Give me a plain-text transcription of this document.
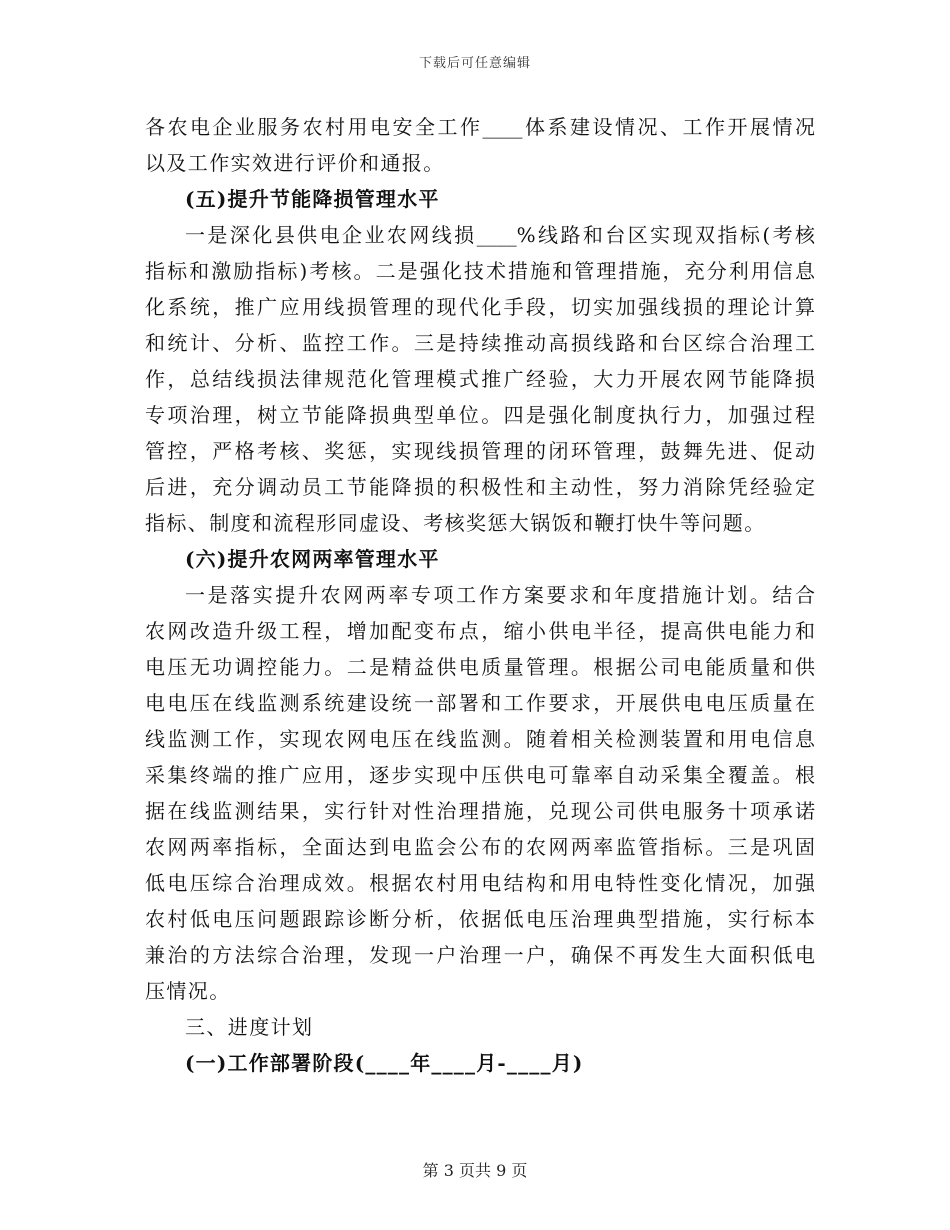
下载后可任意编辑
各农电企业服务农村用电安全工作____体系建设情况、工作开展情况
以及工作实效进行评价和通报。
(五)提升节能降损管理水平
一是深化县供电企业农网线损____%线路和台区实现双指标(考核
指标和激励指标)考核。二是强化技术措施和管理措施，充分利用信息
化系统，推广应用线损管理的现代化手段，切实加强线损的理论计算
和统计、分析、监控工作。三是持续推动高损线路和台区综合治理工
作，总结线损法律规范化管理模式推广经验，大力开展农网节能降损
专项治理，树立节能降损典型单位。四是强化制度执行力，加强过程
管控，严格考核、奖惩，实现线损管理的闭环管理，鼓舞先进、促动
后进，充分调动员工节能降损的积极性和主动性，努力消除凭经验定
指标、制度和流程形同虚设、考核奖惩大锅饭和鞭打快牛等问题。
(六)提升农网两率管理水平
一是落实提升农网两率专项工作方案要求和年度措施计划。结合
农网改造升级工程，增加配变布点，缩小供电半径，提高供电能力和
电压无功调控能力。二是精益供电质量管理。根据公司电能质量和供
电电压在线监测系统建设统一部署和工作要求，开展供电电压质量在
线监测工作，实现农网电压在线监测。随着相关检测装置和用电信息
采集终端的推广应用，逐步实现中压供电可靠率自动采集全覆盖。根
据在线监测结果，实行针对性治理措施，兑现公司供电服务十项承诺
农网两率指标，全面达到电监会公布的农网两率监管指标。三是巩固
低电压综合治理成效。根据农村用电结构和用电特性变化情况，加强
农村低电压问题跟踪诊断分析，依据低电压治理典型措施，实行标本
兼治的方法综合治理，发现一户治理一户，确保不再发生大面积低电
压情况。
三、进度计划
(一)工作部署阶段(____年____月-____月)
第 3 页共 9 页
